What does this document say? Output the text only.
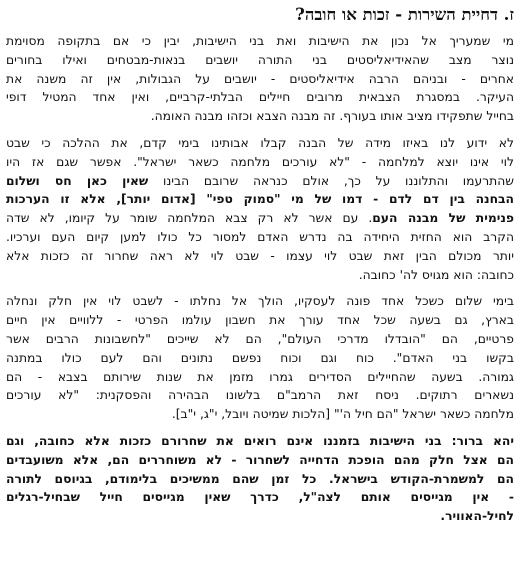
ז. דחיית השירות - זכות או חובה?

מי שמעריך אל נכון את הישיבות ואת בני הישיבות, יבין כי אם בתקופה מסוימת
נוצר מצב שהאידיאליסטים בני התורה יושבים בנאות-מבטחים ואילו בחורים
אחרים - ובניהם הרבה אידיאליסטים - יושבים על הגבולות, אין זה משנה את
העיקר. במסגרת הצבאית מרובים חיילים הבלתי-קרביים, ואין אחד המטיל דופי
בחייל שתפקידו מציב אותו בעורף. זה מבנה הצבא וכזהו מבנה האומה.

לא ידוע לנו באיזו מידה של הבנה קבלו אבותינו בימי קדם, את ההלכה כי שבט
לוי אינו יוצא למלחמה - "לא עורכים מלחמה כשאר ישראל". אפשר שגם אז היו
שהתרעמו והתלוננו על כך, אולם כנראה שרובם הבינו שאין כאן חס ושלום
הבחנה בין דם לדם - דמו של מי "סמוק טפי" [אדום יותר], אלא זו הערכות
פנימית של מבנה העם. עם אשר לא רק צבא המלחמה שומר על קיומו, לא שדה
הקרב הוא החזית היחידה בה נדרש האדם למסור כל כולו למען קיום העם וערכיו.
יותר מכולם הבין זאת שבט לוי עצמו - שבט לוי לא ראה שחרור זה כזכות אלא
כחובה: הוא מגויס לה' כחובה.

בימי שלום כשכל אחד פונה לעסקיו, הולך אל נחלתו - לשבט לוי אין חלק ונחלה
בארץ, גם בשעה שכל אחד עורך את חשבון עולמו הפרטי - ללוויים אין חיים
פרטיים, הם "הובדלו מדרכי העולם", הם לא שייכים "לחשבונות הרבים אשר
בקשו בני האדם". כוח וגם וכוח נפשם נתונים והם לעם כולו במתנה
גמורה. בשעה שהחיילים הסדירים גמרו מזמן את שנות שירותם בצבא - הם
נשארים רתוקים. ניסח זאת הרמב"ם בלשונו הבהירה והפסקנית: "לא עורכים
מלחמה כשאר ישראל "הם חיל ה'" [הלכות שמיטה ויובל, י"ג, י"ב].

יהא ברור: בני הישיבות בזמננו אינם רואים את שחרורם כזכות אלא כחובה, וגם
הם אצל חלק מהם הופכת הדחייה לשחרור - לא משוחררים הם, אלא משועבדים
הם למשמרת-הקודש בישראל. כל זמן שהם ממשיכים בלימודם, בגיוסם לתורה
- אין מגייסים אותם לצה"ל, כדרך שאין מגייסים חייל שבחיל-רגלים
לחיל-האוויר.
